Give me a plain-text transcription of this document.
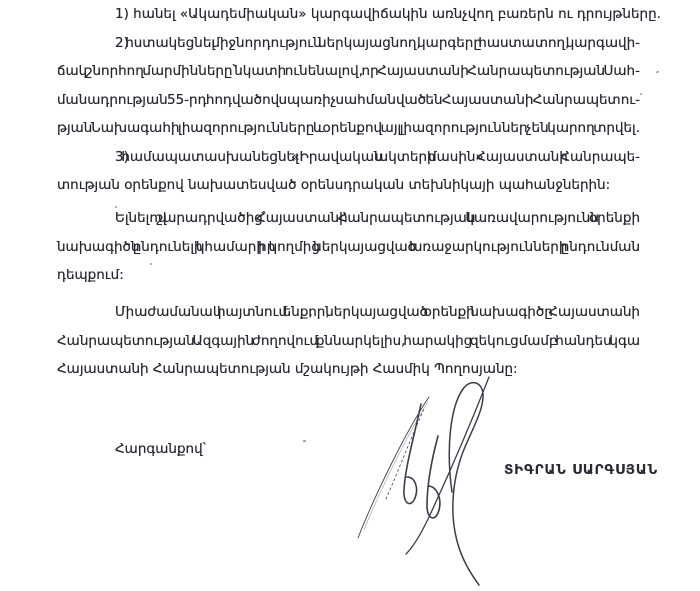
1) հանել «Ակադեմիական» կարգավիճակին առնչվող բառերն ու դրույթները.
2) հստակեցնել միջնորդություն ներկայացնող, կարգերը հաստատող, կարգավի-
ճակ շնորհող մարմինները՝ նկատի ունենալով, որ Հայաստանի Հանրապետության Սահ-
մանադրության 55-րդ հոդվածով սպառիչ սահմանված են Հայաստանի Հանրապետու-
թյան Նախագահի լիազորությունները և օրենքով այլ լիազորություններ չեն կարող տրվել.
3) համապատասխանեցնել «Իրավական ակտերի մասին» Հայաստանի Հանրապե-
տության օրենքով նախատեսված օրենսդրական տեխնիկայի պահանջներին:
Ելնելով շարադրվածից՝ Հայաստանի Հանրապետության կառավարությունն օրենքի
նախագիծն ընդունելի կհամարի իր կողմից ներկայացված առաջարկությունների ընդունման
դեպքում:
Միաժամանակ հայտնում ենք, որ, ներկայացված օրենքի նախագիծը Հայաստանի
Հանրապետության Ազգային ժողովում քննարկելիս, հարակից զեկուցմամբ հանդես կգա
Հայաստանի Հանրապետության մշակույթի Հասմիկ Պողոսյանը:
Հարգանքով՝
ՏԻԳՐԱՆ ՍԱՐԳՍՅԱՆ
